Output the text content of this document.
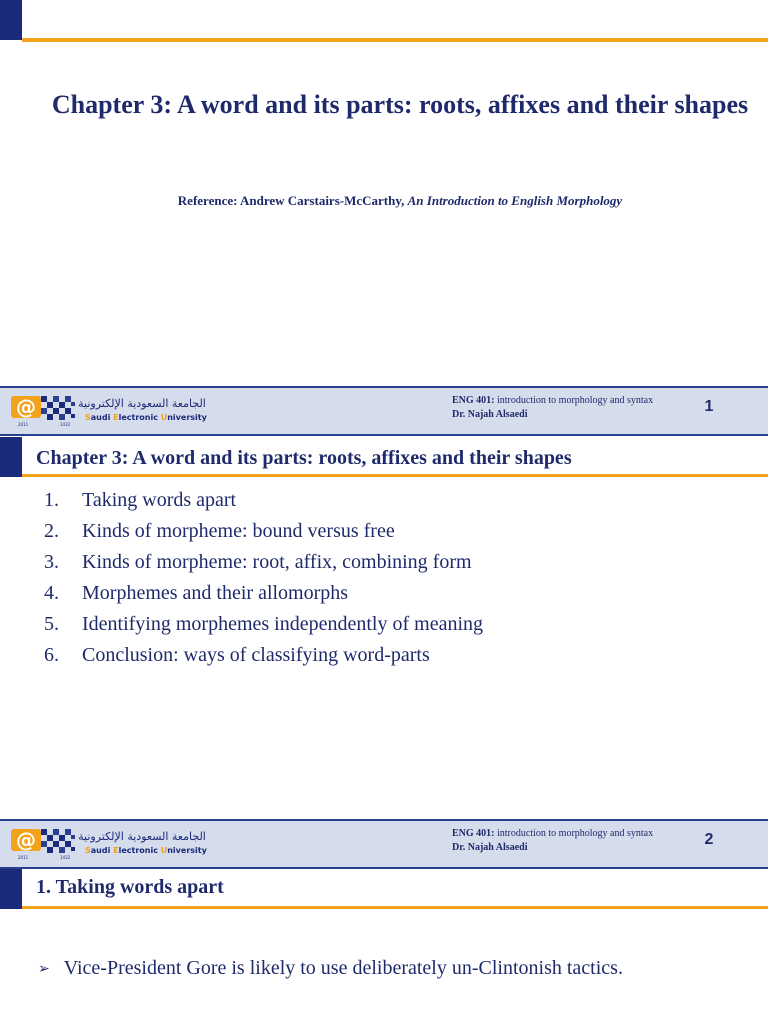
Chapter 3: A word and its parts: roots, affixes and their shapes
Reference: Andrew Carstairs-McCarthy, An Introduction to English Morphology
@
2011	1432
الجامعة السعودية الإلكترونية
Saudi Electronic University
ENG 401: introduction to morphology and syntax
Dr. Najah Alsaedi	1
Chapter 3: A word and its parts: roots, affixes and their shapes
1.	Taking words apart
2.	Kinds of morpheme: bound versus free
3.	Kinds of morpheme: root, affix, combining form
4.	Morphemes and their allomorphs
5.	Identifying morphemes independently of meaning
6.	Conclusion: ways of classifying word-parts
@
2011	1432
الجامعة السعودية الإلكترونية
Saudi Electronic University
ENG 401: introduction to morphology and syntax
Dr. Najah Alsaedi	2
1. Taking words apart
➢ Vice-President Gore is likely to use deliberately un-Clintonish tactics.
